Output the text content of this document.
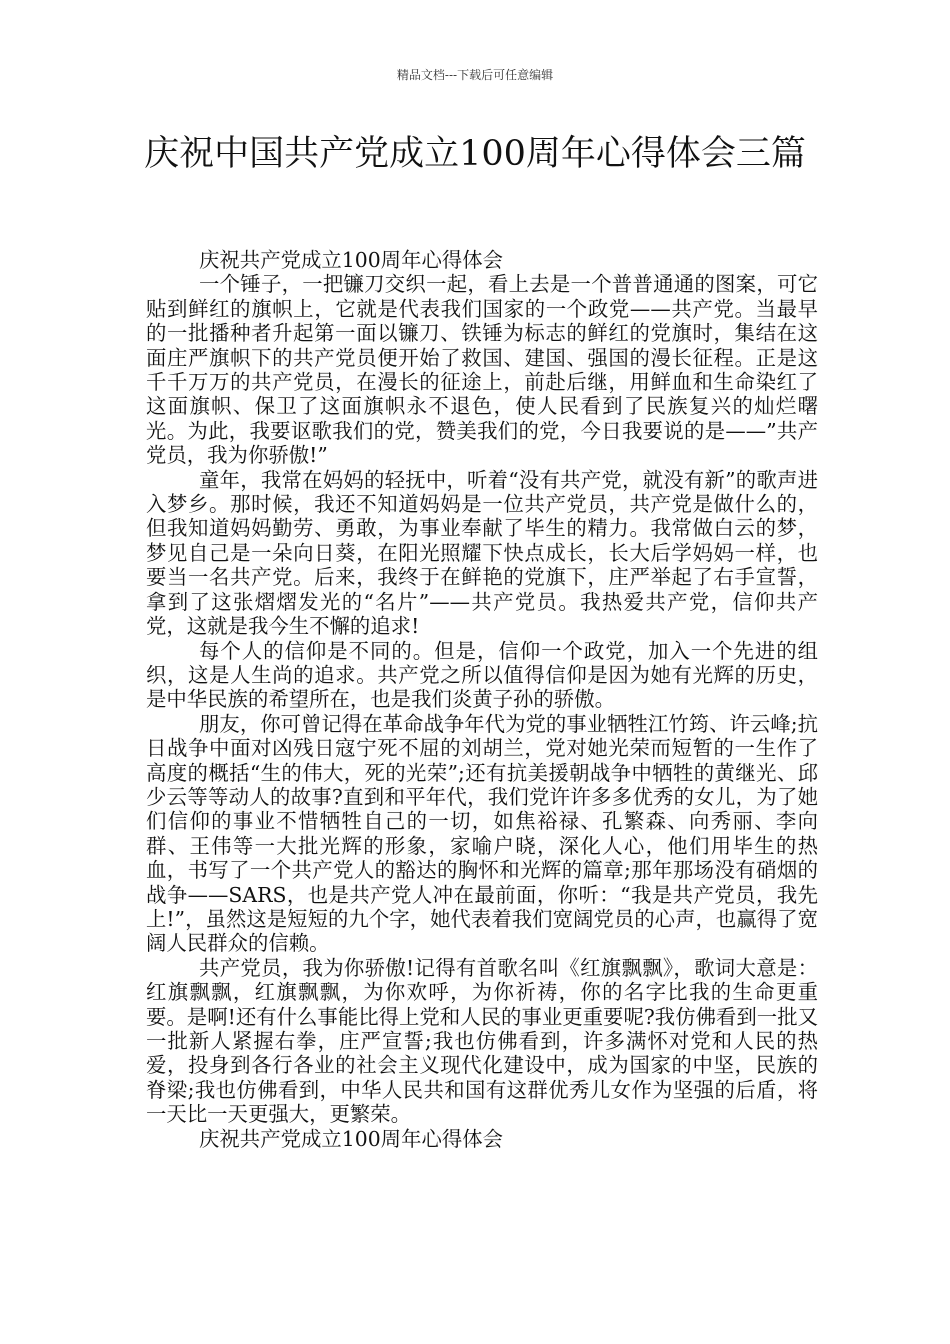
精品文档---下载后可任意编辑
庆祝中国共产党成立100周年心得体会三篇

庆祝共产党成立100周年心得体会

一个锤子，一把镰刀交织一起，看上去是一个普普通通的图案，可它贴到鲜红的旗帜上，它就是代表我们国家的一个政党——共产党。当最早的一批播种者升起第一面以镰刀、铁锤为标志的鲜红的党旗时，集结在这面庄严旗帜下的共产党员便开始了救国、建国、强国的漫长征程。正是这千千万万的共产党员，在漫长的征途上，前赴后继，用鲜血和生命染红了这面旗帜、保卫了这面旗帜永不退色，使人民看到了民族复兴的灿烂曙光。为此，我要讴歌我们的党，赞美我们的党，今日我要说的是——”共产党员，我为你骄傲!”

童年，我常在妈妈的轻抚中，听着“没有共产党，就没有新”的歌声进入梦乡。那时候，我还不知道妈妈是一位共产党员，共产党是做什么的，但我知道妈妈勤劳、勇敢，为事业奉献了毕生的精力。我常做白云的梦，梦见自己是一朵向日葵，在阳光照耀下快点成长，长大后学妈妈一样，也要当一名共产党。后来，我终于在鲜艳的党旗下，庄严举起了右手宣誓，拿到了这张熠熠发光的“名片”——共产党员。我热爱共产党，信仰共产党，这就是我今生不懈的追求!

每个人的信仰是不同的。但是，信仰一个政党，加入一个先进的组织，这是人生尚的追求。共产党之所以值得信仰是因为她有光辉的历史，是中华民族的希望所在，也是我们炎黄子孙的骄傲。

朋友，你可曾记得在革命战争年代为党的事业牺牲江竹筠、许云峰;抗日战争中面对凶残日寇宁死不屈的刘胡兰，党对她光荣而短暂的一生作了高度的概括“生的伟大，死的光荣”;还有抗美援朝战争中牺牲的黄继光、邱少云等等动人的故事?直到和平年代，我们党许许多多优秀的女儿，为了她们信仰的事业不惜牺牲自己的一切，如焦裕禄、孔繁森、向秀丽、李向群、王伟等一大批光辉的形象，家喻户晓，深化人心，他们用毕生的热血，书写了一个共产党人的豁达的胸怀和光辉的篇章;那年那场没有硝烟的战争——SARS，也是共产党人冲在最前面，你听：“我是共产党员，我先上!”，虽然这是短短的九个字，她代表着我们宽阔党员的心声，也赢得了宽阔人民群众的信赖。

共产党员，我为你骄傲!记得有首歌名叫《红旗飘飘》，歌词大意是：红旗飘飘，红旗飘飘，为你欢呼，为你祈祷，你的名字比我的生命更重要。是啊!还有什么事能比得上党和人民的事业更重要呢?我仿佛看到一批又一批新人紧握右拳，庄严宣誓;我也仿佛看到，许多满怀对党和人民的热爱，投身到各行各业的社会主义现代化建设中，成为国家的中坚，民族的脊梁;我也仿佛看到，中华人民共和国有这群优秀儿女作为坚强的后盾，将一天比一天更强大，更繁荣。

庆祝共产党成立100周年心得体会
